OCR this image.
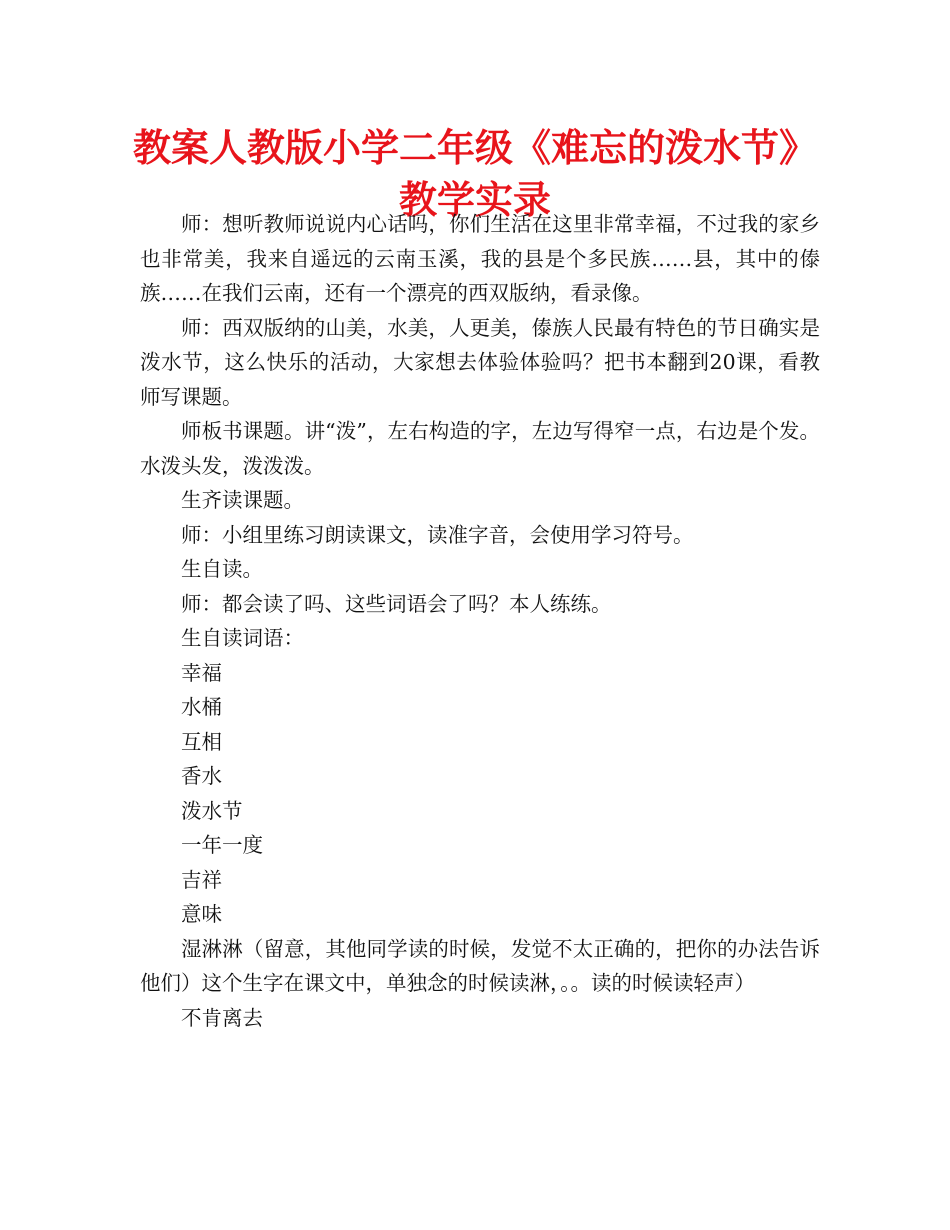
教案人教版小学二年级《难忘的泼水节》
教学实录

师：想听教师说说内心话吗，你们生活在这里非常幸福，不过我的家乡也非常美，我来自遥远的云南玉溪，我的县是个多民族……县，其中的傣族……在我们云南，还有一个漂亮的西双版纳，看录像。

师：西双版纳的山美，水美，人更美，傣族人民最有特色的节日确实是泼水节，这么快乐的活动，大家想去体验体验吗？把书本翻到20课，看教师写课题。

师板书课题。讲“泼”，左右构造的字，左边写得窄一点，右边是个发。水泼头发，泼泼泼。

生齐读课题。

师：小组里练习朗读课文，读准字音，会使用学习符号。

生自读。

师：都会读了吗、这些词语会了吗？本人练练。

生自读词语：

幸福

水桶

互相

香水

泼水节

一年一度

吉祥

意味

湿淋淋（留意，其他同学读的时候，发觉不太正确的，把你的办法告诉他们）这个生字在课文中，单独念的时候读淋，。。读的时候读轻声）

不肯离去
